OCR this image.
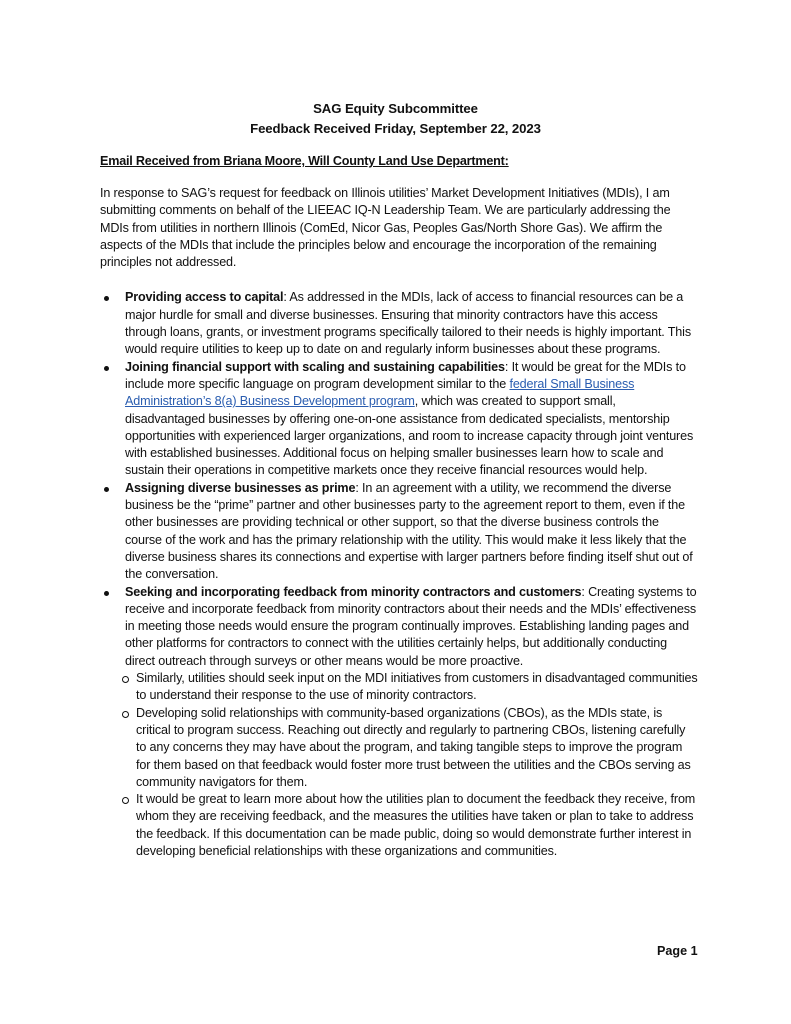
SAG Equity Subcommittee
Feedback Received Friday, September 22, 2023
Email Received from Briana Moore, Will County Land Use Department:

In response to SAG’s request for feedback on Illinois utilities’ Market Development Initiatives (MDIs), I am submitting comments on behalf of the LIEEAC IQ-N Leadership Team. We are particularly addressing the MDIs from utilities in northern Illinois (ComEd, Nicor Gas, Peoples Gas/North Shore Gas). We affirm the aspects of the MDIs that include the principles below and encourage the incorporation of the remaining principles not addressed.

Providing access to capital: As addressed in the MDIs, lack of access to financial resources can be a major hurdle for small and diverse businesses. Ensuring that minority contractors have this access through loans, grants, or investment programs specifically tailored to their needs is highly important. This would require utilities to keep up to date on and regularly inform businesses about these programs.
Joining financial support with scaling and sustaining capabilities: It would be great for the MDIs to include more specific language on program development similar to the federal Small Business Administration’s 8(a) Business Development program, which was created to support small, disadvantaged businesses by offering one-on-one assistance from dedicated specialists, mentorship opportunities with experienced larger organizations, and room to increase capacity through joint ventures with established businesses. Additional focus on helping smaller businesses learn how to scale and sustain their operations in competitive markets once they receive financial resources would help.
Assigning diverse businesses as prime: In an agreement with a utility, we recommend the diverse business be the “prime” partner and other businesses party to the agreement report to them, even if the other businesses are providing technical or other support, so that the diverse business controls the course of the work and has the primary relationship with the utility. This would make it less likely that the diverse business shares its connections and expertise with larger partners before finding itself shut out of the conversation.
Seeking and incorporating feedback from minority contractors and customers: Creating systems to receive and incorporate feedback from minority contractors about their needs and the MDIs’ effectiveness in meeting those needs would ensure the program continually improves. Establishing landing pages and other platforms for contractors to connect with the utilities certainly helps, but additionally conducting direct outreach through surveys or other means would be more proactive.
Similarly, utilities should seek input on the MDI initiatives from customers in disadvantaged communities to understand their response to the use of minority contractors.
Developing solid relationships with community-based organizations (CBOs), as the MDIs state, is critical to program success. Reaching out directly and regularly to partnering CBOs, listening carefully to any concerns they may have about the program, and taking tangible steps to improve the program for them based on that feedback would foster more trust between the utilities and the CBOs serving as community navigators for them.
It would be great to learn more about how the utilities plan to document the feedback they receive, from whom they are receiving feedback, and the measures the utilities have taken or plan to take to address the feedback. If this documentation can be made public, doing so would demonstrate further interest in developing beneficial relationships with these organizations and communities.
Page 1
